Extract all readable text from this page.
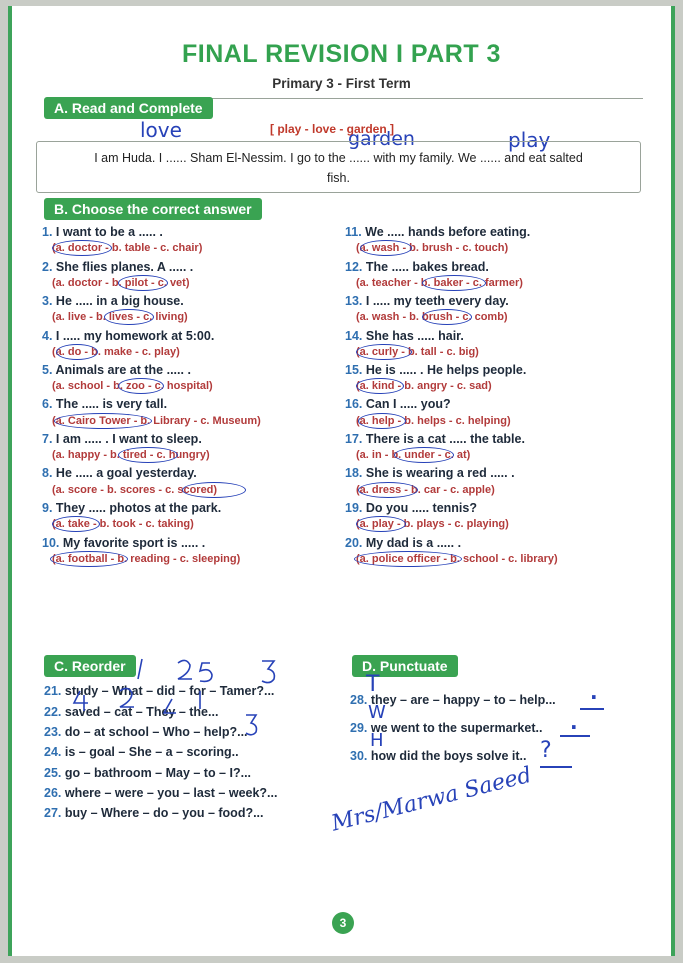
FINAL REVISION I PART 3
Primary 3 - First Term
A. Read and Complete
[ play - love - garden ]
love	garden	play
I am Huda. I ...... Sham El-Nessim. I go to the ...... with my family. We ...... and eat salted
fish.
B. Choose the correct answer
1. I want to be a ..... .
(a. doctor - b. table - c. chair)
2. She flies planes. A ..... .
(a. doctor - b. pilot - c. vet)
3. He ..... in a big house.
(a. live - b. lives - c. living)
4. I ..... my homework at 5:00.
(a. do - b. make - c. play)
5. Animals are at the ..... .
(a. school - b. zoo - c. hospital)
6. The ..... is very tall.
(a. Cairo Tower - b. Library - c. Museum)
7. I am ..... . I want to sleep.
(a. happy - b. tired - c. hungry)
8. He ..... a goal yesterday.
(a. score - b. scores - c. scored)
9. They ..... photos at the park.
(a. take - b. took - c. taking)
10. My favorite sport is ..... .
(a. football - b. reading - c. sleeping)
11. We ..... hands before eating.
(a. wash - b. brush - c. touch)
12. The ..... bakes bread.
(a. teacher - b. baker - c. farmer)
13. I ..... my teeth every day.
(a. wash - b. brush - c. comb)
14. She has ..... hair.
(a. curly - b. tall - c. big)
15. He is ..... . He helps people.
(a. kind - b. angry - c. sad)
16. Can I ..... you?
(a. help - b. helps - c. helping)
17. There is a cat ..... the table.
(a. in - b. under - c. at)
18. She is wearing a red ..... .
(a. dress - b. car - c. apple)
19. Do you ..... tennis?
(a. play - b. plays - c. playing)
20. My dad is a ..... .
(a. police officer - b. school - c. library)
C. Reorder
21. study – What – did – for – Tamer?...
22. saved – cat – They – the...
23. do – at school – Who – help?...
24. is – goal – She – a – scoring..
25. go – bathroom – May – to – I?...
26. where – were – you – last – week?...
27. buy – Where – do – you – food?...
D. Punctuate
28. they – are – happy – to – help...
29. we went to the supermarket..
30. how did the boys solve it..
T
W
H
.
.
?
Mrs/Marwa Saeed
3
